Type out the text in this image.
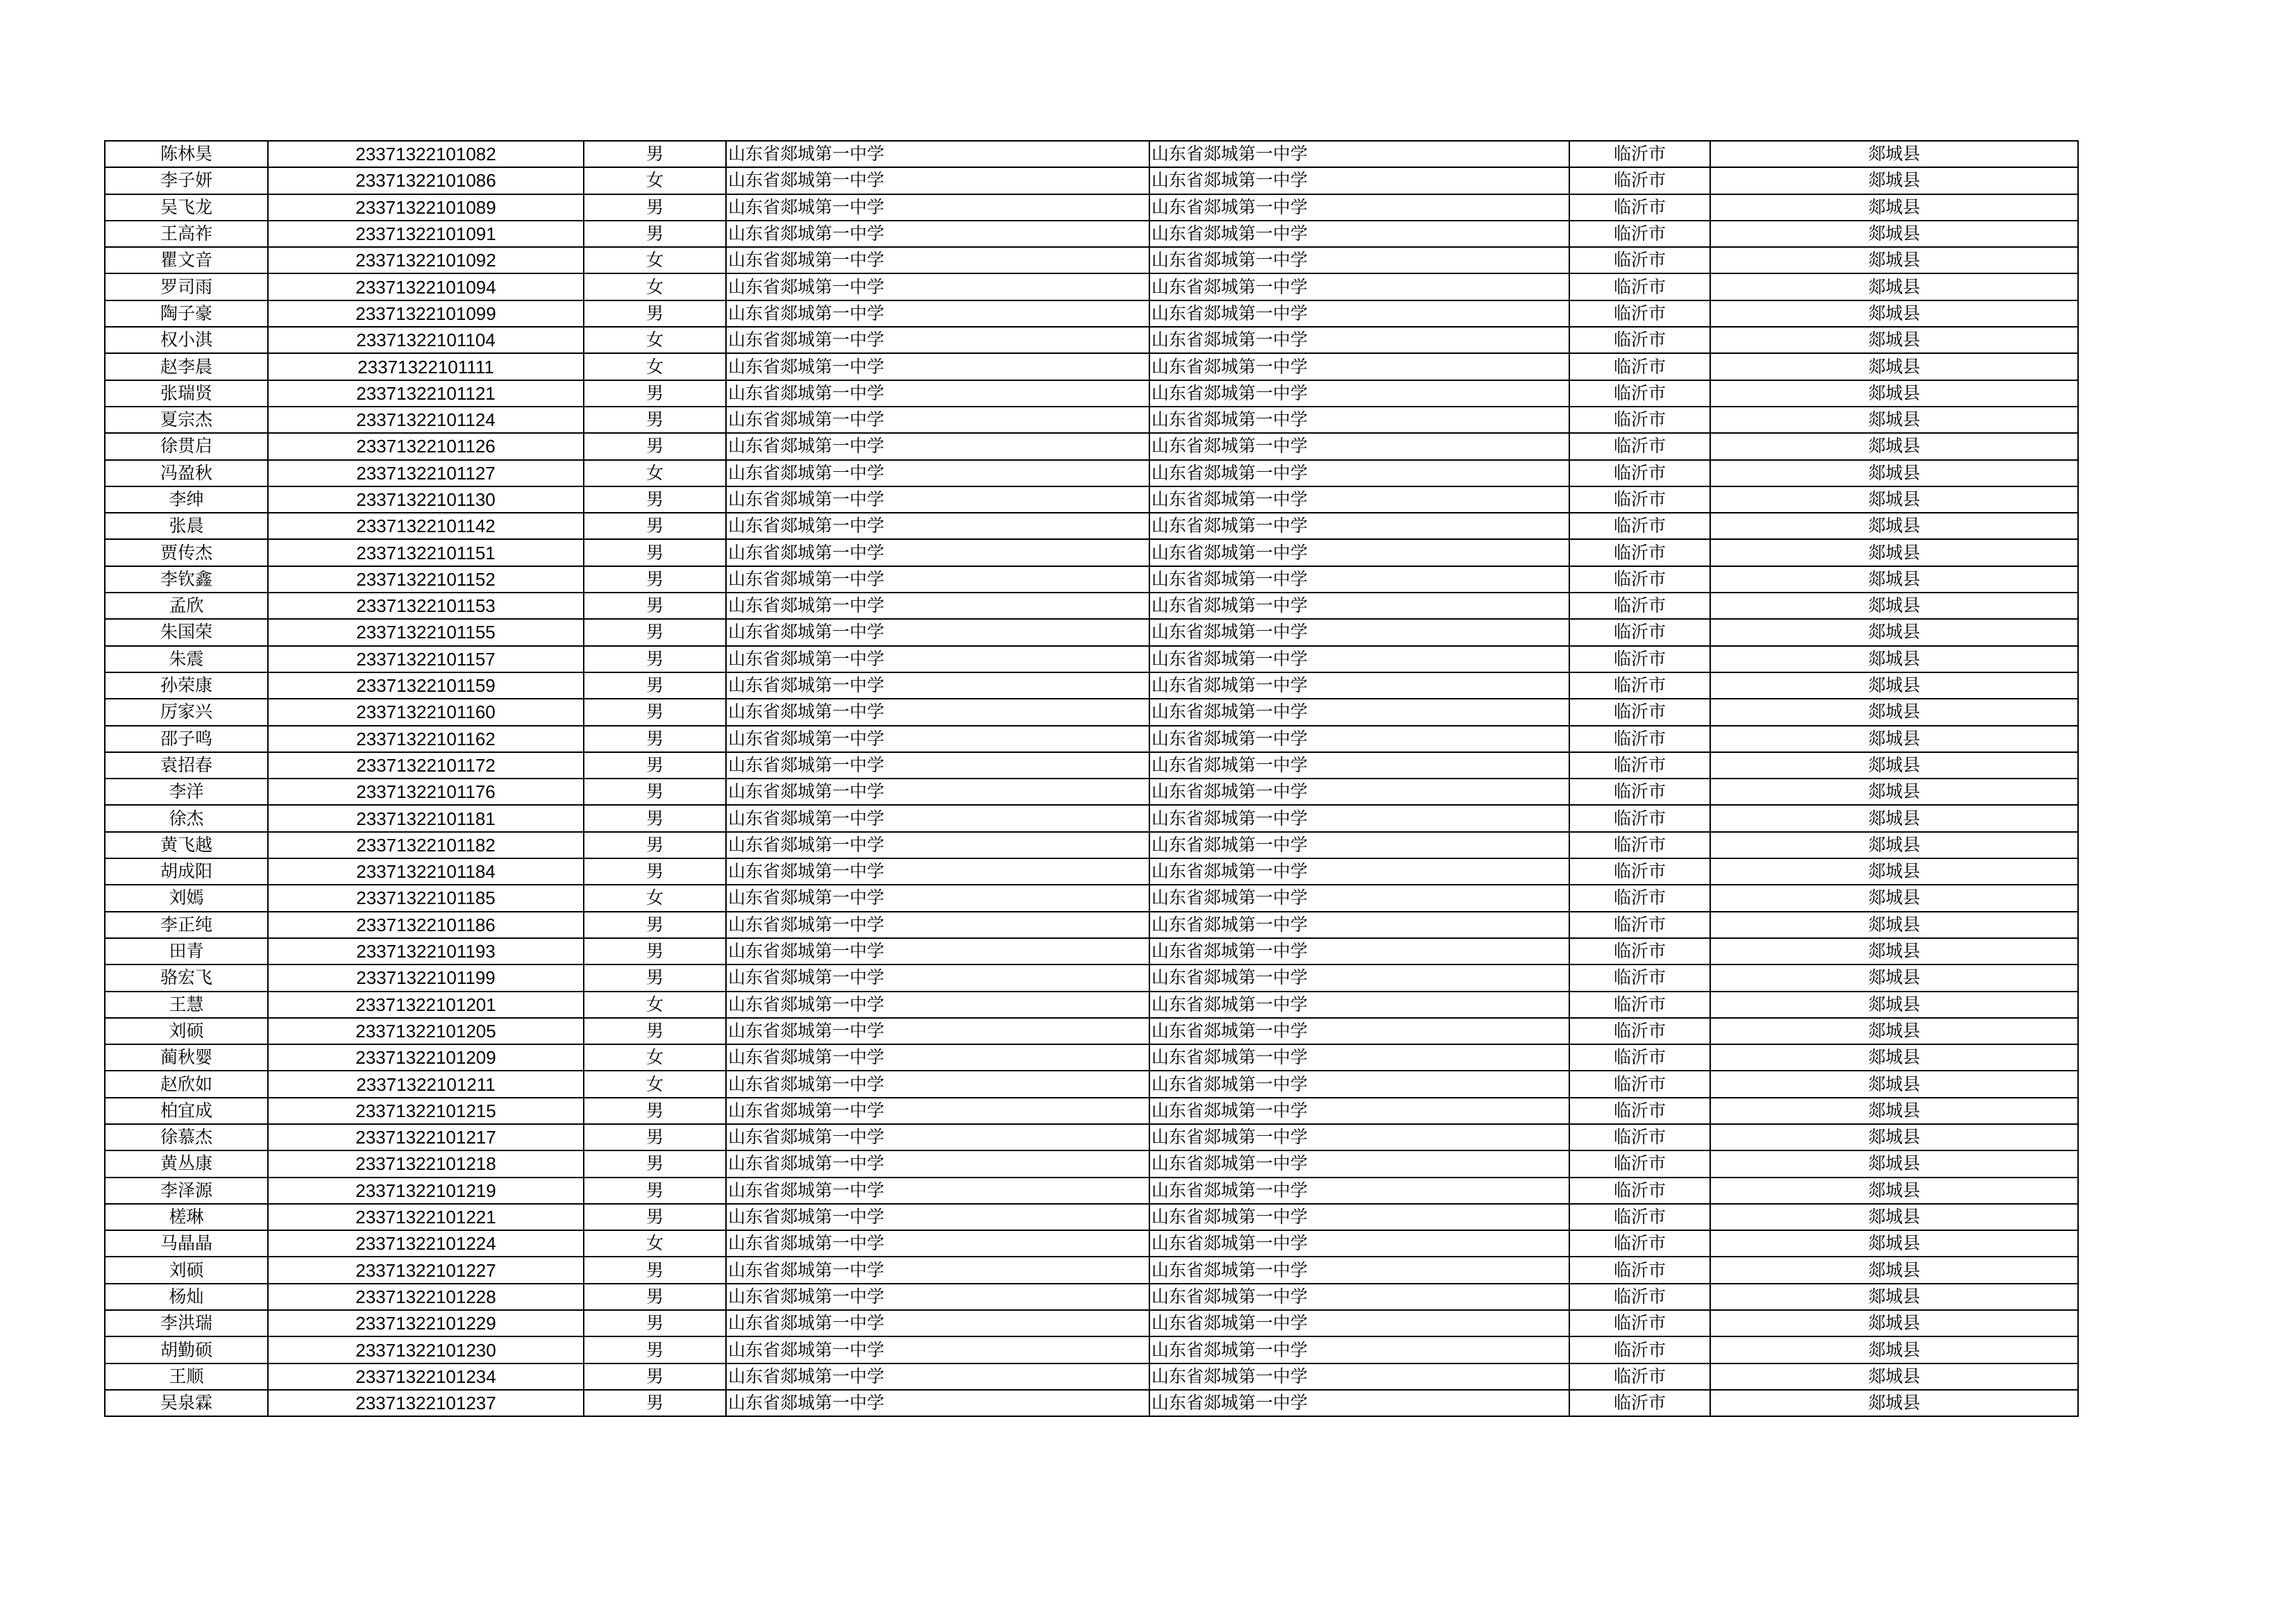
陈林昊	23371322101082	男	山东省郯城第一中学	山东省郯城第一中学	临沂市	郯城县
李子妍	23371322101086	女	山东省郯城第一中学	山东省郯城第一中学	临沂市	郯城县
吴飞龙	23371322101089	男	山东省郯城第一中学	山东省郯城第一中学	临沂市	郯城县
王高祚	23371322101091	男	山东省郯城第一中学	山东省郯城第一中学	临沂市	郯城县
瞿文音	23371322101092	女	山东省郯城第一中学	山东省郯城第一中学	临沂市	郯城县
罗司雨	23371322101094	女	山东省郯城第一中学	山东省郯城第一中学	临沂市	郯城县
陶子豪	23371322101099	男	山东省郯城第一中学	山东省郯城第一中学	临沂市	郯城县
权小淇	23371322101104	女	山东省郯城第一中学	山东省郯城第一中学	临沂市	郯城县
赵李晨	23371322101111	女	山东省郯城第一中学	山东省郯城第一中学	临沂市	郯城县
张瑞贤	23371322101121	男	山东省郯城第一中学	山东省郯城第一中学	临沂市	郯城县
夏宗杰	23371322101124	男	山东省郯城第一中学	山东省郯城第一中学	临沂市	郯城县
徐贯启	23371322101126	男	山东省郯城第一中学	山东省郯城第一中学	临沂市	郯城县
冯盈秋	23371322101127	女	山东省郯城第一中学	山东省郯城第一中学	临沂市	郯城县
李绅	23371322101130	男	山东省郯城第一中学	山东省郯城第一中学	临沂市	郯城县
张晨	23371322101142	男	山东省郯城第一中学	山东省郯城第一中学	临沂市	郯城县
贾传杰	23371322101151	男	山东省郯城第一中学	山东省郯城第一中学	临沂市	郯城县
李钦鑫	23371322101152	男	山东省郯城第一中学	山东省郯城第一中学	临沂市	郯城县
孟欣	23371322101153	男	山东省郯城第一中学	山东省郯城第一中学	临沂市	郯城县
朱国荣	23371322101155	男	山东省郯城第一中学	山东省郯城第一中学	临沂市	郯城县
朱震	23371322101157	男	山东省郯城第一中学	山东省郯城第一中学	临沂市	郯城县
孙荣康	23371322101159	男	山东省郯城第一中学	山东省郯城第一中学	临沂市	郯城县
厉家兴	23371322101160	男	山东省郯城第一中学	山东省郯城第一中学	临沂市	郯城县
邵子鸣	23371322101162	男	山东省郯城第一中学	山东省郯城第一中学	临沂市	郯城县
袁招春	23371322101172	男	山东省郯城第一中学	山东省郯城第一中学	临沂市	郯城县
李洋	23371322101176	男	山东省郯城第一中学	山东省郯城第一中学	临沂市	郯城县
徐杰	23371322101181	男	山东省郯城第一中学	山东省郯城第一中学	临沂市	郯城县
黄飞越	23371322101182	男	山东省郯城第一中学	山东省郯城第一中学	临沂市	郯城县
胡成阳	23371322101184	男	山东省郯城第一中学	山东省郯城第一中学	临沂市	郯城县
刘嫣	23371322101185	女	山东省郯城第一中学	山东省郯城第一中学	临沂市	郯城县
李正纯	23371322101186	男	山东省郯城第一中学	山东省郯城第一中学	临沂市	郯城县
田青	23371322101193	男	山东省郯城第一中学	山东省郯城第一中学	临沂市	郯城县
骆宏飞	23371322101199	男	山东省郯城第一中学	山东省郯城第一中学	临沂市	郯城县
王慧	23371322101201	女	山东省郯城第一中学	山东省郯城第一中学	临沂市	郯城县
刘硕	23371322101205	男	山东省郯城第一中学	山东省郯城第一中学	临沂市	郯城县
蔺秋婴	23371322101209	女	山东省郯城第一中学	山东省郯城第一中学	临沂市	郯城县
赵欣如	23371322101211	女	山东省郯城第一中学	山东省郯城第一中学	临沂市	郯城县
柏宜成	23371322101215	男	山东省郯城第一中学	山东省郯城第一中学	临沂市	郯城县
徐慕杰	23371322101217	男	山东省郯城第一中学	山东省郯城第一中学	临沂市	郯城县
黄丛康	23371322101218	男	山东省郯城第一中学	山东省郯城第一中学	临沂市	郯城县
李泽源	23371322101219	男	山东省郯城第一中学	山东省郯城第一中学	临沂市	郯城县
槎琳	23371322101221	男	山东省郯城第一中学	山东省郯城第一中学	临沂市	郯城县
马晶晶	23371322101224	女	山东省郯城第一中学	山东省郯城第一中学	临沂市	郯城县
刘硕	23371322101227	男	山东省郯城第一中学	山东省郯城第一中学	临沂市	郯城县
杨灿	23371322101228	男	山东省郯城第一中学	山东省郯城第一中学	临沂市	郯城县
李洪瑞	23371322101229	男	山东省郯城第一中学	山东省郯城第一中学	临沂市	郯城县
胡勤硕	23371322101230	男	山东省郯城第一中学	山东省郯城第一中学	临沂市	郯城县
王顺	23371322101234	男	山东省郯城第一中学	山东省郯城第一中学	临沂市	郯城县
吴泉霖	23371322101237	男	山东省郯城第一中学	山东省郯城第一中学	临沂市	郯城县
